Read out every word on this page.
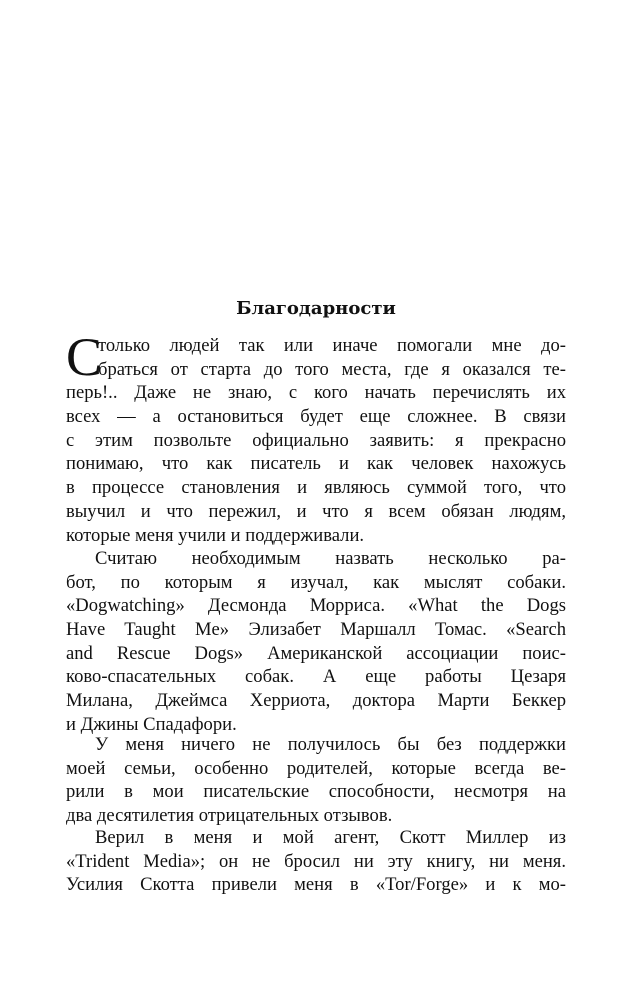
Благодарности
С
только людей так или иначе помогали мне до-
браться от старта до того места, где я оказался те-
перь!.. Даже не знаю, с кого начать перечислять их
всех — а остановиться будет еще сложнее. В связи
с этим позвольте официально заявить: я прекрасно
понимаю, что как писатель и как человек нахожусь
в процессе становления и являюсь суммой того, что
выучил и что пережил, и что я всем обязан людям,
которые меня учили и поддерживали.
Считаю необходимым назвать несколько ра-
бот, по которым я изучал, как мыслят собаки.
«Dogwatching» Десмонда Морриса. «What the Dogs
Have Taught Me» Элизабет Маршалл Томас. «Search
and Rescue Dogs» Американской ассоциации поис-
ково-спасательных собак. А еще работы Цезаря
Милана, Джеймса Херриота, доктора Марти Беккер
и Джины Спадафори.
У меня ничего не получилось бы без поддержки
моей семьи, особенно родителей, которые всегда ве-
рили в мои писательские способности, несмотря на
два десятилетия отрицательных отзывов.
Верил в меня и мой агент, Скотт Миллер из
«Trident Media»; он не бросил ни эту книгу, ни меня.
Усилия Скотта привели меня в «Tor/Forge» и к мо-
